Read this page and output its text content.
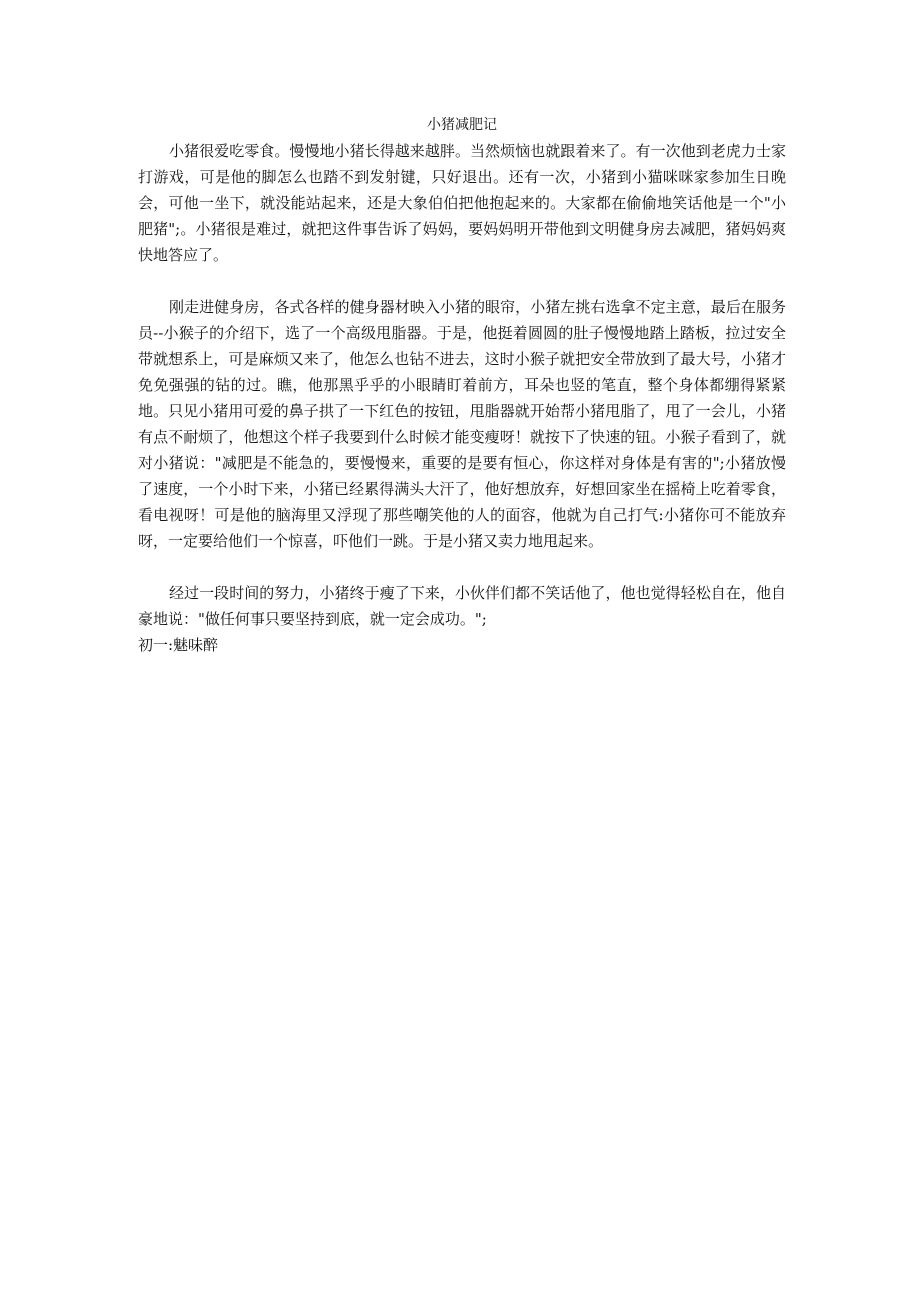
小猪减肥记

小猪很爱吃零食。慢慢地小猪长得越来越胖。当然烦恼也就跟着来了。有一次他到老虎力士家打游戏，可是他的脚怎么也踏不到发射键，只好退出。还有一次，小猪到小猫咪咪家参加生日晚会，可他一坐下，就没能站起来，还是大象伯伯把他抱起来的。大家都在偷偷地笑话他是一个"小肥猪";。小猪很是难过，就把这件事告诉了妈妈，要妈妈明开带他到文明健身房去减肥，猪妈妈爽快地答应了。

刚走进健身房，各式各样的健身器材映入小猪的眼帘，小猪左挑右选拿不定主意，最后在服务员--小猴子的介绍下，选了一个高级甩脂器。于是，他挺着圆圆的肚子慢慢地踏上踏板，拉过安全带就想系上，可是麻烦又来了，他怎么也钻不进去，这时小猴子就把安全带放到了最大号，小猪才免免强强的钻的过。瞧，他那黑乎乎的小眼睛盯着前方，耳朵也竖的笔直，整个身体都绷得紧紧地。只见小猪用可爱的鼻子拱了一下红色的按钮，甩脂器就开始帮小猪甩脂了，甩了一会儿，小猪有点不耐烦了，他想这个样子我要到什么时候才能变瘦呀！就按下了快速的钮。小猴子看到了，就对小猪说："减肥是不能急的，要慢慢来，重要的是要有恒心，你这样对身体是有害的";小猪放慢了速度，一个小时下来，小猪已经累得满头大汗了，他好想放弃，好想回家坐在摇椅上吃着零食，看电视呀！可是他的脑海里又浮现了那些嘲笑他的人的面容，他就为自己打气:小猪你可不能放弃呀，一定要给他们一个惊喜，吓他们一跳。于是小猪又卖力地甩起来。

经过一段时间的努力，小猪终于瘦了下来，小伙伴们都不笑话他了，他也觉得轻松自在，他自豪地说："做任何事只要坚持到底，就一定会成功。";

初一:魅味醉
